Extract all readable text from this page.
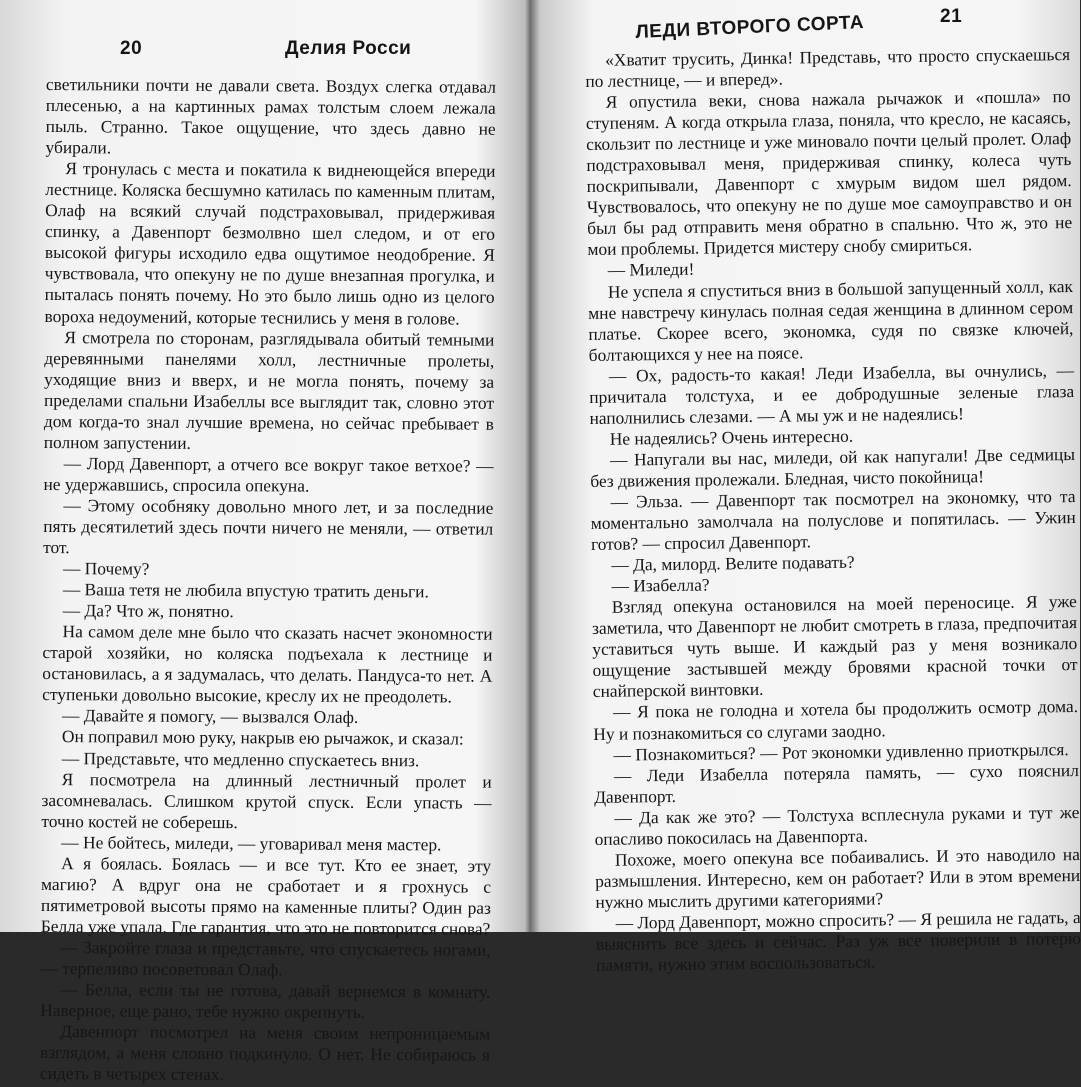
20	Делия Росси

светильники почти не давали света. Воздух слегка отдавал плесенью, а на картинных рамах толстым слоем лежала пыль. Странно. Такое ощущение, что здесь давно не убирали.

Я тронулась с места и покатила к виднеющейся впереди лестнице. Коляска бесшумно катилась по каменным плитам, Олаф на всякий случай подстраховывал, придерживая спинку, а Давенпорт безмолвно шел следом, и от его высокой фигуры исходило едва ощутимое неодобрение. Я чувствовала, что опекуну не по душе внезапная прогулка, и пыталась понять почему. Но это было лишь одно из целого вороха недоумений, которые теснились у меня в голове.

Я смотрела по сторонам, разглядывала обитый темными деревянными панелями холл, лестничные пролеты, уходящие вниз и вверх, и не могла понять, почему за пределами спальни Изабеллы все выглядит так, словно этот дом когда-то знал лучшие времена, но сейчас пребывает в полном запустении.

— Лорд Давенпорт, а отчего все вокруг такое ветхое? — не удержавшись, спросила опекуна.

— Этому особняку довольно много лет, и за последние пять десятилетий здесь почти ничего не меняли, — ответил тот.

— Почему?

— Ваша тетя не любила впустую тратить деньги.

— Да? Что ж, понятно.

На самом деле мне было что сказать насчет экономности старой хозяйки, но коляска подъехала к лестнице и остановилась, а я задумалась, что делать. Пандуса-то нет. А ступеньки довольно высокие, креслу их не преодолеть.

— Давайте я помогу, — вызвался Олаф.

Он поправил мою руку, накрыв ею рычажок, и сказал:

— Представьте, что медленно спускаетесь вниз.

Я посмотрела на длинный лестничный пролет и засомневалась. Слишком крутой спуск. Если упасть — точно костей не соберешь.

— Не бойтесь, миледи, — уговаривал меня мастер.

А я боялась. Боялась — и все тут. Кто ее знает, эту магию? А вдруг она не сработает и я грохнусь с пятиметровой высоты прямо на каменные плиты? Один раз Белла уже упала. Где гарантия, что это не повторится снова?

— Закройте глаза и представьте, что спускаетесь ногами, — терпеливо посоветовал Олаф.

— Белла, если ты не готова, давай вернемся в комнату. Наверное, еще рано, тебе нужно окрепнуть.

Давенпорт посмотрел на меня своим непроницаемым взглядом, а меня словно подкинуло. О нет. Не собираюсь я сидеть в четырех стенах.

21
ЛЕДИ ВТОРОГО СОРТА

«Хватит трусить, Динка! Представь, что просто спускаешься по лестнице, — и вперед».

Я опустила веки, снова нажала рычажок и «пошла» по ступеням. А когда открыла глаза, поняла, что кресло, не касаясь, скользит по лестнице и уже миновало почти целый пролет. Олаф подстраховывал меня, придерживая спинку, колеса чуть поскрипывали, Давенпорт с хмурым видом шел рядом. Чувствовалось, что опекуну не по душе мое самоуправство и он был бы рад отправить меня обратно в спальню. Что ж, это не мои проблемы. Придется мистеру снобу смириться.

— Миледи!

Не успела я спуститься вниз в большой запущенный холл, как мне навстречу кинулась полная седая женщина в длинном сером платье. Скорее всего, экономка, судя по связке ключей, болтающихся у нее на поясе.

— Ох, радость-то какая! Леди Изабелла, вы очнулись, — причитала толстуха, и ее добродушные зеленые глаза наполнились слезами. — А мы уж и не надеялись!

Не надеялись? Очень интересно.

— Напугали вы нас, миледи, ой как напугали! Две седмицы без движения пролежали. Бледная, чисто покойница!

— Эльза. — Давенпорт так посмотрел на экономку, что та моментально замолчала на полуслове и попятилась. — Ужин готов? — спросил Давенпорт.

— Да, милорд. Велите подавать?

— Изабелла?

Взгляд опекуна остановился на моей переносице. Я уже заметила, что Давенпорт не любит смотреть в глаза, предпочитая уставиться чуть выше. И каждый раз у меня возникало ощущение застывшей между бровями красной точки от снайперской винтовки.

— Я пока не голодна и хотела бы продолжить осмотр дома. Ну и познакомиться со слугами заодно.

— Познакомиться? — Рот экономки удивленно приоткрылся.

— Леди Изабелла потеряла память, — сухо пояснил Давенпорт.

— Да как же это? — Толстуха всплеснула руками и тут же опасливо покосилась на Давенпорта.

Похоже, моего опекуна все побаивались. И это наводило на размышления. Интересно, кем он работает? Или в этом времени нужно мыслить другими категориями?

— Лорд Давенпорт, можно спросить? — Я решила не гадать, а выяснить все здесь и сейчас. Раз уж все поверили в потерю памяти, нужно этим воспользоваться.
